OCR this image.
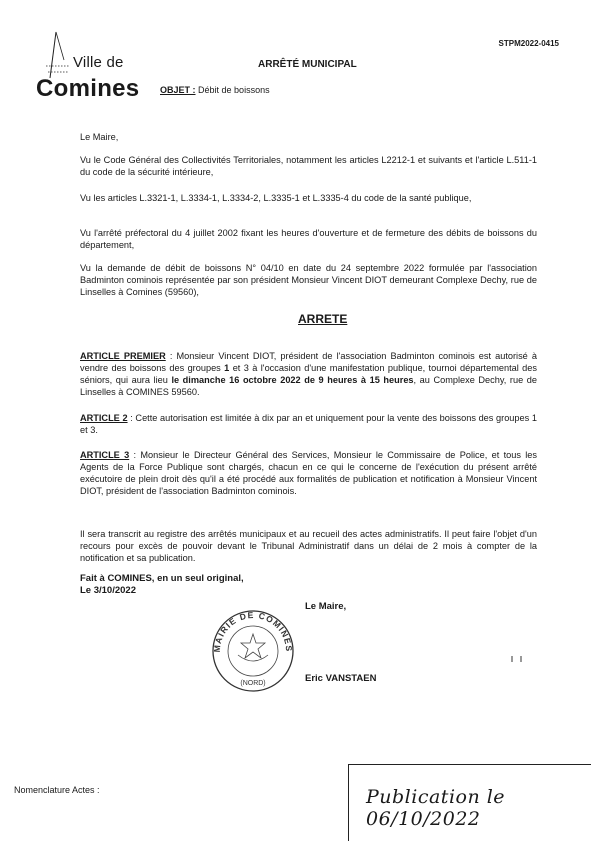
Ville de
Comines
STPM2022-0415
ARRÊTÉ MUNICIPAL
OBJET : Débit de boissons
Le Maire,
Vu le Code Général des Collectivités Territoriales, notamment les articles L2212-1 et suivants et l'article L.511-1 du code de la sécurité intérieure,
Vu les articles L.3321-1, L.3334-1, L.3334-2, L.3335-1 et L.3335-4 du code de la santé publique,
Vu l'arrêté préfectoral du 4 juillet 2002 fixant les heures d'ouverture et de fermeture des débits de boissons du département,
Vu la demande de débit de boissons N° 04/10 en date du 24 septembre 2022 formulée par l'association Badminton cominois représentée par son président Monsieur Vincent DIOT demeurant Complexe Dechy, rue de Linselles à Comines (59560),
ARRETE
ARTICLE PREMIER : Monsieur Vincent DIOT, président de l'association Badminton cominois est autorisé à vendre des boissons des groupes 1 et 3 à l'occasion d'une manifestation publique, tournoi départemental des séniors, qui aura lieu le dimanche 16 octobre 2022 de 9 heures à 15 heures, au Complexe Dechy, rue de Linselles à COMINES 59560.
ARTICLE 2 : Cette autorisation est limitée à dix par an et uniquement pour la vente des boissons des groupes 1 et 3.
ARTICLE 3 : Monsieur le Directeur Général des Services, Monsieur le Commissaire de Police, et tous les Agents de la Force Publique sont chargés, chacun en ce qui le concerne de l'exécution du présent arrêté exécutoire de plein droit dès qu'il a été procédé aux formalités de publication et notification à Monsieur Vincent DIOT, président de l'association Badminton cominois.
Il sera transcrit au registre des arrêtés municipaux et au recueil des actes administratifs. Il peut faire l'objet d'un recours pour excès de pouvoir devant le Tribunal Administratif dans un délai de 2 mois à compter de la notification et sa publication.
Fait à COMINES, en un seul original,
Le 3/10/2022
Le Maire,
MAIRIE DE COMINES
(NORD)	Eric VANSTAEN
Nomenclature Actes :	Publication le 06/10/2022
